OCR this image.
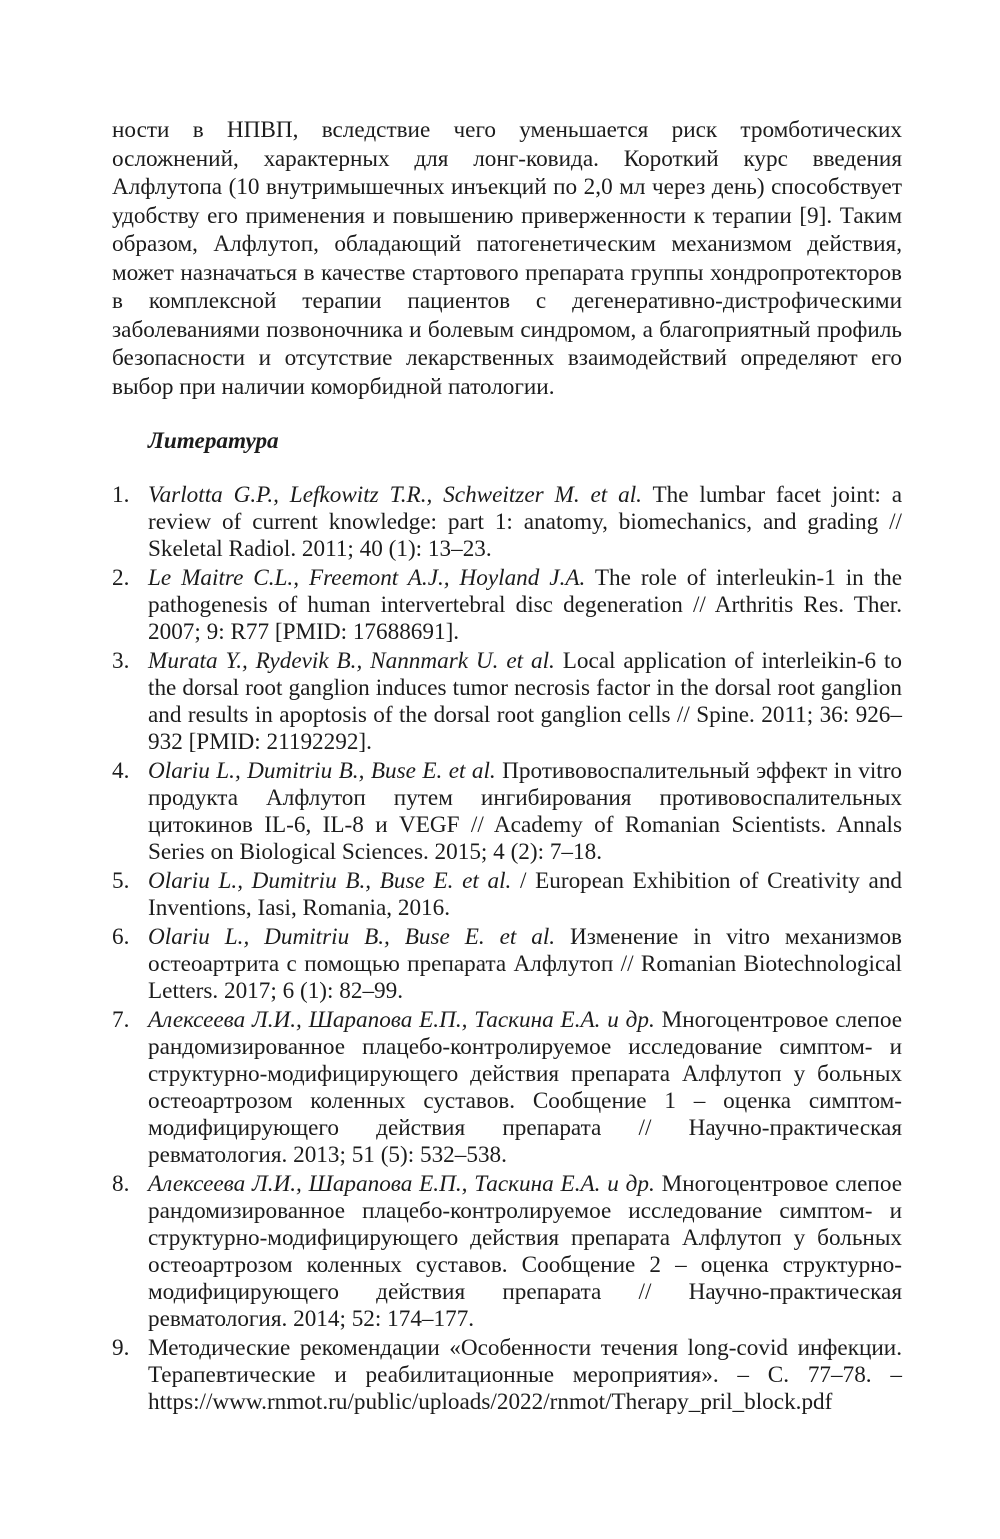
ности в НПВП, вследствие чего уменьшается риск тромботических осложнений, характерных для лонг-ковида. Короткий курс введения Алфлутопа (10 внутримышечных инъекций по 2,0 мл через день) способствует удобству его применения и повышению приверженности к терапии [9]. Таким образом, Алфлутоп, обладающий патогенетическим механизмом действия, может назначаться в качестве стартового препарата группы хондропротекторов в комплексной терапии пациентов с дегенеративно-дистрофическими заболеваниями позвоночника и болевым синдромом, а благоприятный профиль безопасности и отсутствие лекарственных взаимодействий определяют его выбор при наличии коморбидной патологии.

Литература
1. Varlotta G.P., Lefkowitz T.R., Schweitzer M. et al. The lumbar facet joint: a review of current knowledge: part 1: anatomy, biomechanics, and grading // Skeletal Radiol. 2011; 40 (1): 13–23.
2. Le Maitre C.L., Freemont A.J., Hoyland J.A. The role of interleukin-1 in the pathogenesis of human intervertebral disc degeneration // Arthritis Res. Ther. 2007; 9: R77 [PMID: 17688691].
3. Murata Y., Rydevik B., Nannmark U. et al. Local application of interleikin-6 to the dorsal root ganglion induces tumor necrosis factor in the dorsal root ganglion and results in apoptosis of the dorsal root ganglion cells // Spine. 2011; 36: 926–932 [PMID: 21192292].
4. Olariu L., Dumitriu B., Buse E. et al. Противовоспалительный эффект in vitro продукта Алфлутоп путем ингибирования противовоспалительных цитокинов IL-6, IL-8 и VEGF // Academy of Romanian Scientists. Annals Series on Biological Sciences. 2015; 4 (2): 7–18.
5. Olariu L., Dumitriu B., Buse E. et al. / European Exhibition of Creativity and Inventions, Iasi, Romania, 2016.
6. Olariu L., Dumitriu B., Buse E. et al. Изменение in vitro механизмов остеоартрита с помощью препарата Алфлутоп // Romanian Biotechnological Letters. 2017; 6 (1): 82–99.
7. Алексеева Л.И., Шарапова Е.П., Таскина Е.А. и др. Многоцентровое слепое рандомизированное плацебо-контролируемое исследование симптом- и структурно-модифицирующего действия препарата Алфлутоп у больных остеоартрозом коленных суставов. Сообщение 1 – оценка симптом-модифицирующего действия препарата // Научно-практическая ревматология. 2013; 51 (5): 532–538.
8. Алексеева Л.И., Шарапова Е.П., Таскина Е.А. и др. Многоцентровое слепое рандомизированное плацебо-контролируемое исследование симптом- и структурно-модифицирующего действия препарата Алфлутоп у больных остеоартрозом коленных суставов. Сообщение 2 – оценка структурно-модифицирующего действия препарата // Научно-практическая ревматология. 2014; 52: 174–177.
9. Методические рекомендации «Особенности течения long-covid инфекции. Терапевтические и реабилитационные мероприятия». – С. 77–78. – https://www.rnmot.ru/public/uploads/2022/rnmot/Therapy_pril_block.pdf
